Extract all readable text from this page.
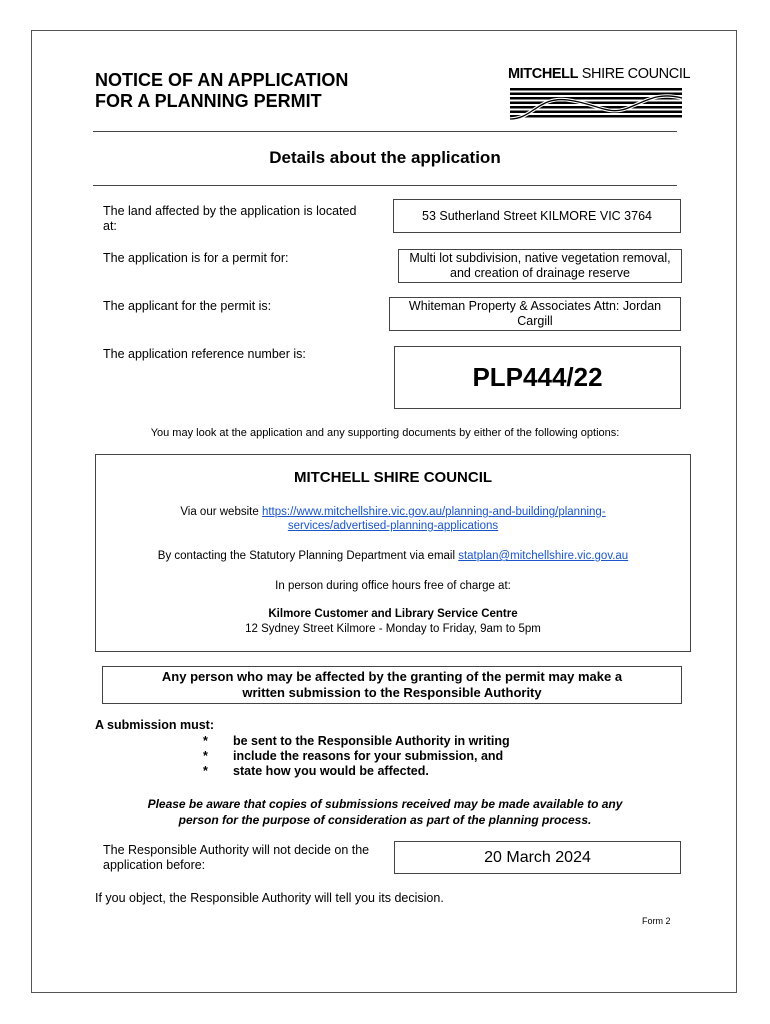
NOTICE OF AN APPLICATION
FOR A PLANNING PERMIT
MITCHELL SHIRE COUNCIL
Details about the application
The land affected by the application is located at:
53 Sutherland Street KILMORE VIC 3764
The application is for a permit for:	Multi lot subdivision, native vegetation removal, and creation of drainage reserve
The applicant for the permit is:	Whiteman Property & Associates Attn: Jordan Cargill
The application reference number is:
PLP444/22
You may look at the application and any supporting documents by either of the following options:
MITCHELL SHIRE COUNCIL
Via our website https://www.mitchellshire.vic.gov.au/planning-and-building/planning-
services/advertised-planning-applications
By contacting the Statutory Planning Department via email statplan@mitchellshire.vic.gov.au
In person during office hours free of charge at:
Kilmore Customer and Library Service Centre
12 Sydney Street Kilmore - Monday to Friday, 9am to 5pm
Any person who may be affected by the granting of the permit may make a
written submission to the Responsible Authority
A submission must:
* be sent to the Responsible Authority in writing
* include the reasons for your submission, and
* state how you would be affected.
Please be aware that copies of submissions received may be made available to any
person for the purpose of consideration as part of the planning process.
The Responsible Authority will not decide on the application before:	20 March 2024
If you object, the Responsible Authority will tell you its decision.
Form 2
